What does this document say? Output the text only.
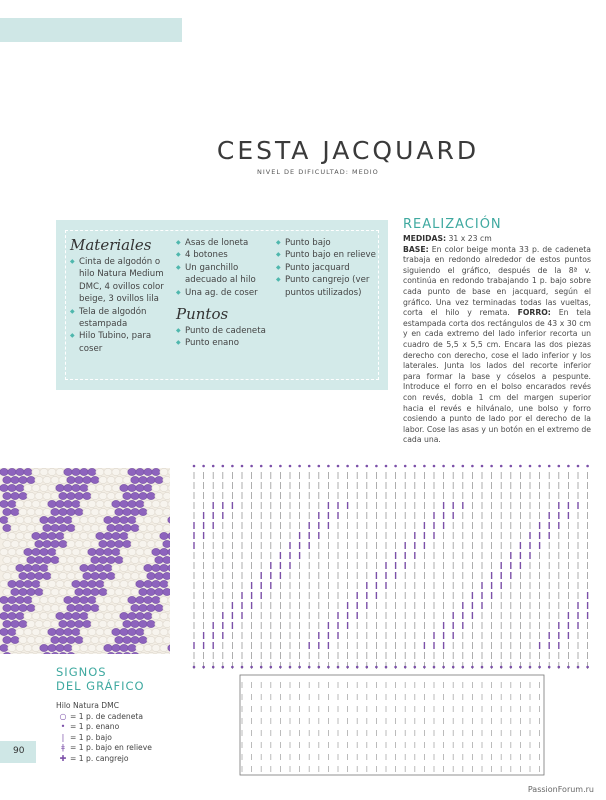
CESTA JACQUARD
NIVEL DE DIFICULTAD: MEDIO
Materiales
◆ Cinta de algodón o hilo Natura Medium DMC, 4 ovillos color beige, 3 ovillos lila
◆ Tela de algodón estampada
◆ Hilo Tubino, para coser
◆ Asas de loneta
◆ 4 botones
◆ Un ganchillo adecuado al hilo
◆ Una ag. de coser
Puntos
◆ Punto de cadeneta
◆ Punto enano
◆ Punto bajo
◆ Punto bajo en relieve
◆ Punto jacquard
◆ Punto cangrejo (ver puntos utilizados)
REALIZACIÓN
MEDIDAS: 31 x 23 cm
BASE: En color beige monta 33 p. de cadeneta trabaja en redondo alrededor de estos puntos siguiendo el gráfico, después de la 8ª v. continúa en redondo trabajando 1 p. bajo sobre cada punto de base en jacquard, según el gráfico. Una vez terminadas todas las vueltas, corta el hilo y remata. FORRO: En tela estampada corta dos rectángulos de 43 x 30 cm y en cada extremo del lado inferior recorta un cuadro de 5,5 x 5,5 cm. Encara las dos piezas derecho con derecho, cose el lado inferior y los laterales. Junta los lados del recorte inferior para formar la base y cóselos a pespunte. Introduce el forro en el bolso encarados revés con revés, dobla 1 cm del margen superior hacia el revés e hilvánalo, une bolso y forro cosiendo a punto de lado por el derecho de la labor. Cose las asas y un botón en el extremo de cada una.
SIGNOS
DEL GRÁFICO
Hilo Natura DMC
○ = 1 p. de cadeneta
• = 1 p. enano
| = 1 p. bajo
ǂ = 1 p. bajo en relieve
✚ = 1 p. cangrejo
90
PassionForum.ru
